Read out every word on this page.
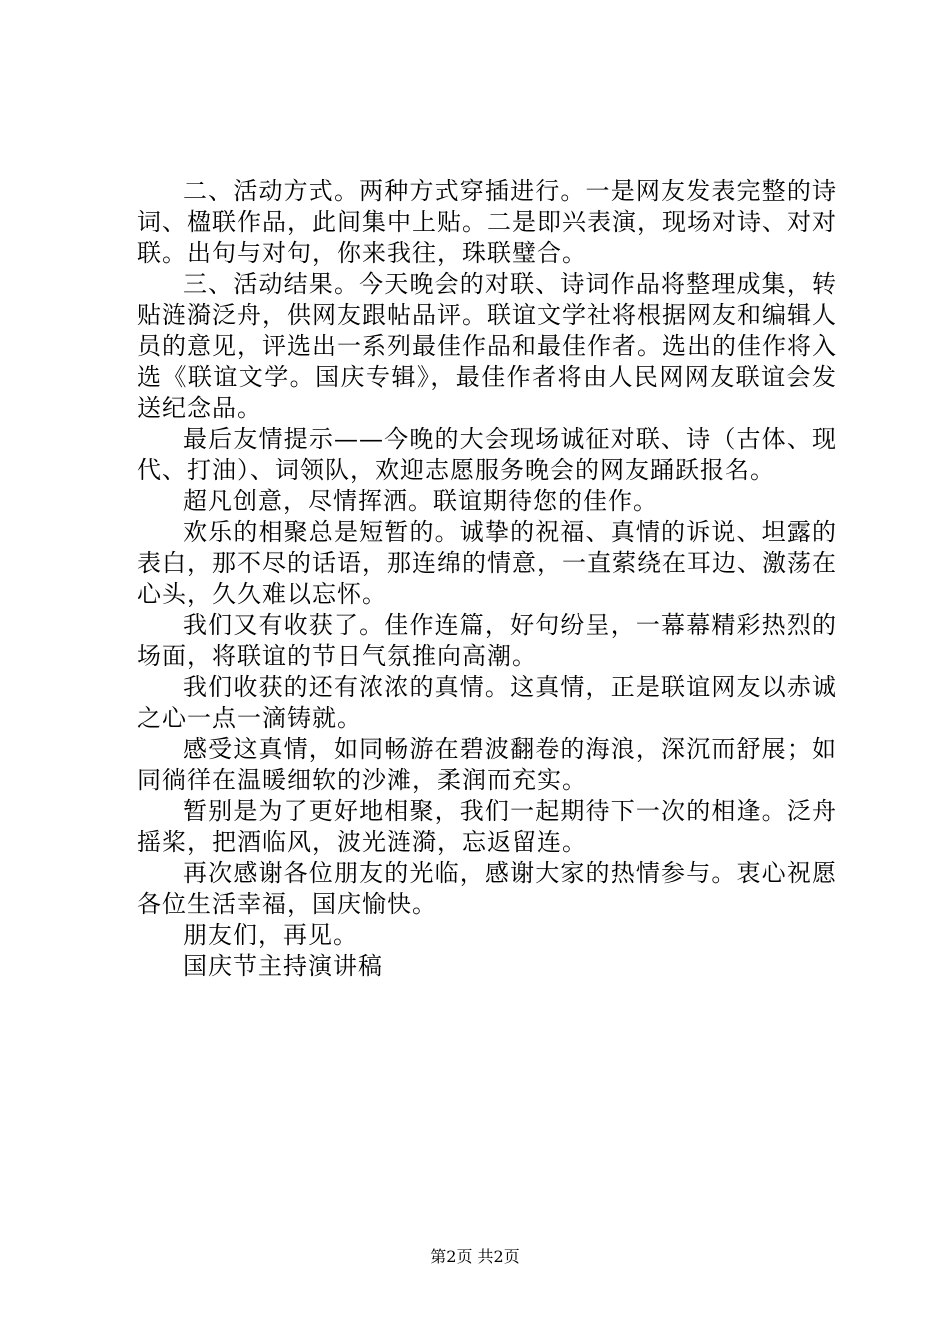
二、活动方式。两种方式穿插进行。一是网友发表完整的诗词、楹联作品，此间集中上贴。二是即兴表演，现场对诗、对对联。出句与对句，你来我往，珠联璧合。

三、活动结果。今天晚会的对联、诗词作品将整理成集，转贴涟漪泛舟，供网友跟帖品评。联谊文学社将根据网友和编辑人员的意见，评选出一系列最佳作品和最佳作者。选出的佳作将入选《联谊文学。国庆专辑》，最佳作者将由人民网网友联谊会发送纪念品。

最后友情提示——今晚的大会现场诚征对联、诗（古体、现代、打油）、词领队，欢迎志愿服务晚会的网友踊跃报名。

超凡创意，尽情挥洒。联谊期待您的佳作。

欢乐的相聚总是短暂的。诚挚的祝福、真情的诉说、坦露的表白，那不尽的话语，那连绵的情意，一直萦绕在耳边、激荡在心头，久久难以忘怀。

我们又有收获了。佳作连篇，好句纷呈，一幕幕精彩热烈的场面，将联谊的节日气氛推向高潮。

我们收获的还有浓浓的真情。这真情，正是联谊网友以赤诚之心一点一滴铸就。

感受这真情，如同畅游在碧波翻卷的海浪，深沉而舒展；如同徜徉在温暖细软的沙滩，柔润而充实。

暂别是为了更好地相聚，我们一起期待下一次的相逢。泛舟摇桨，把酒临风，波光涟漪，忘返留连。

再次感谢各位朋友的光临，感谢大家的热情参与。衷心祝愿各位生活幸福，国庆愉快。

朋友们，再见。

国庆节主持演讲稿

第2页 共2页
